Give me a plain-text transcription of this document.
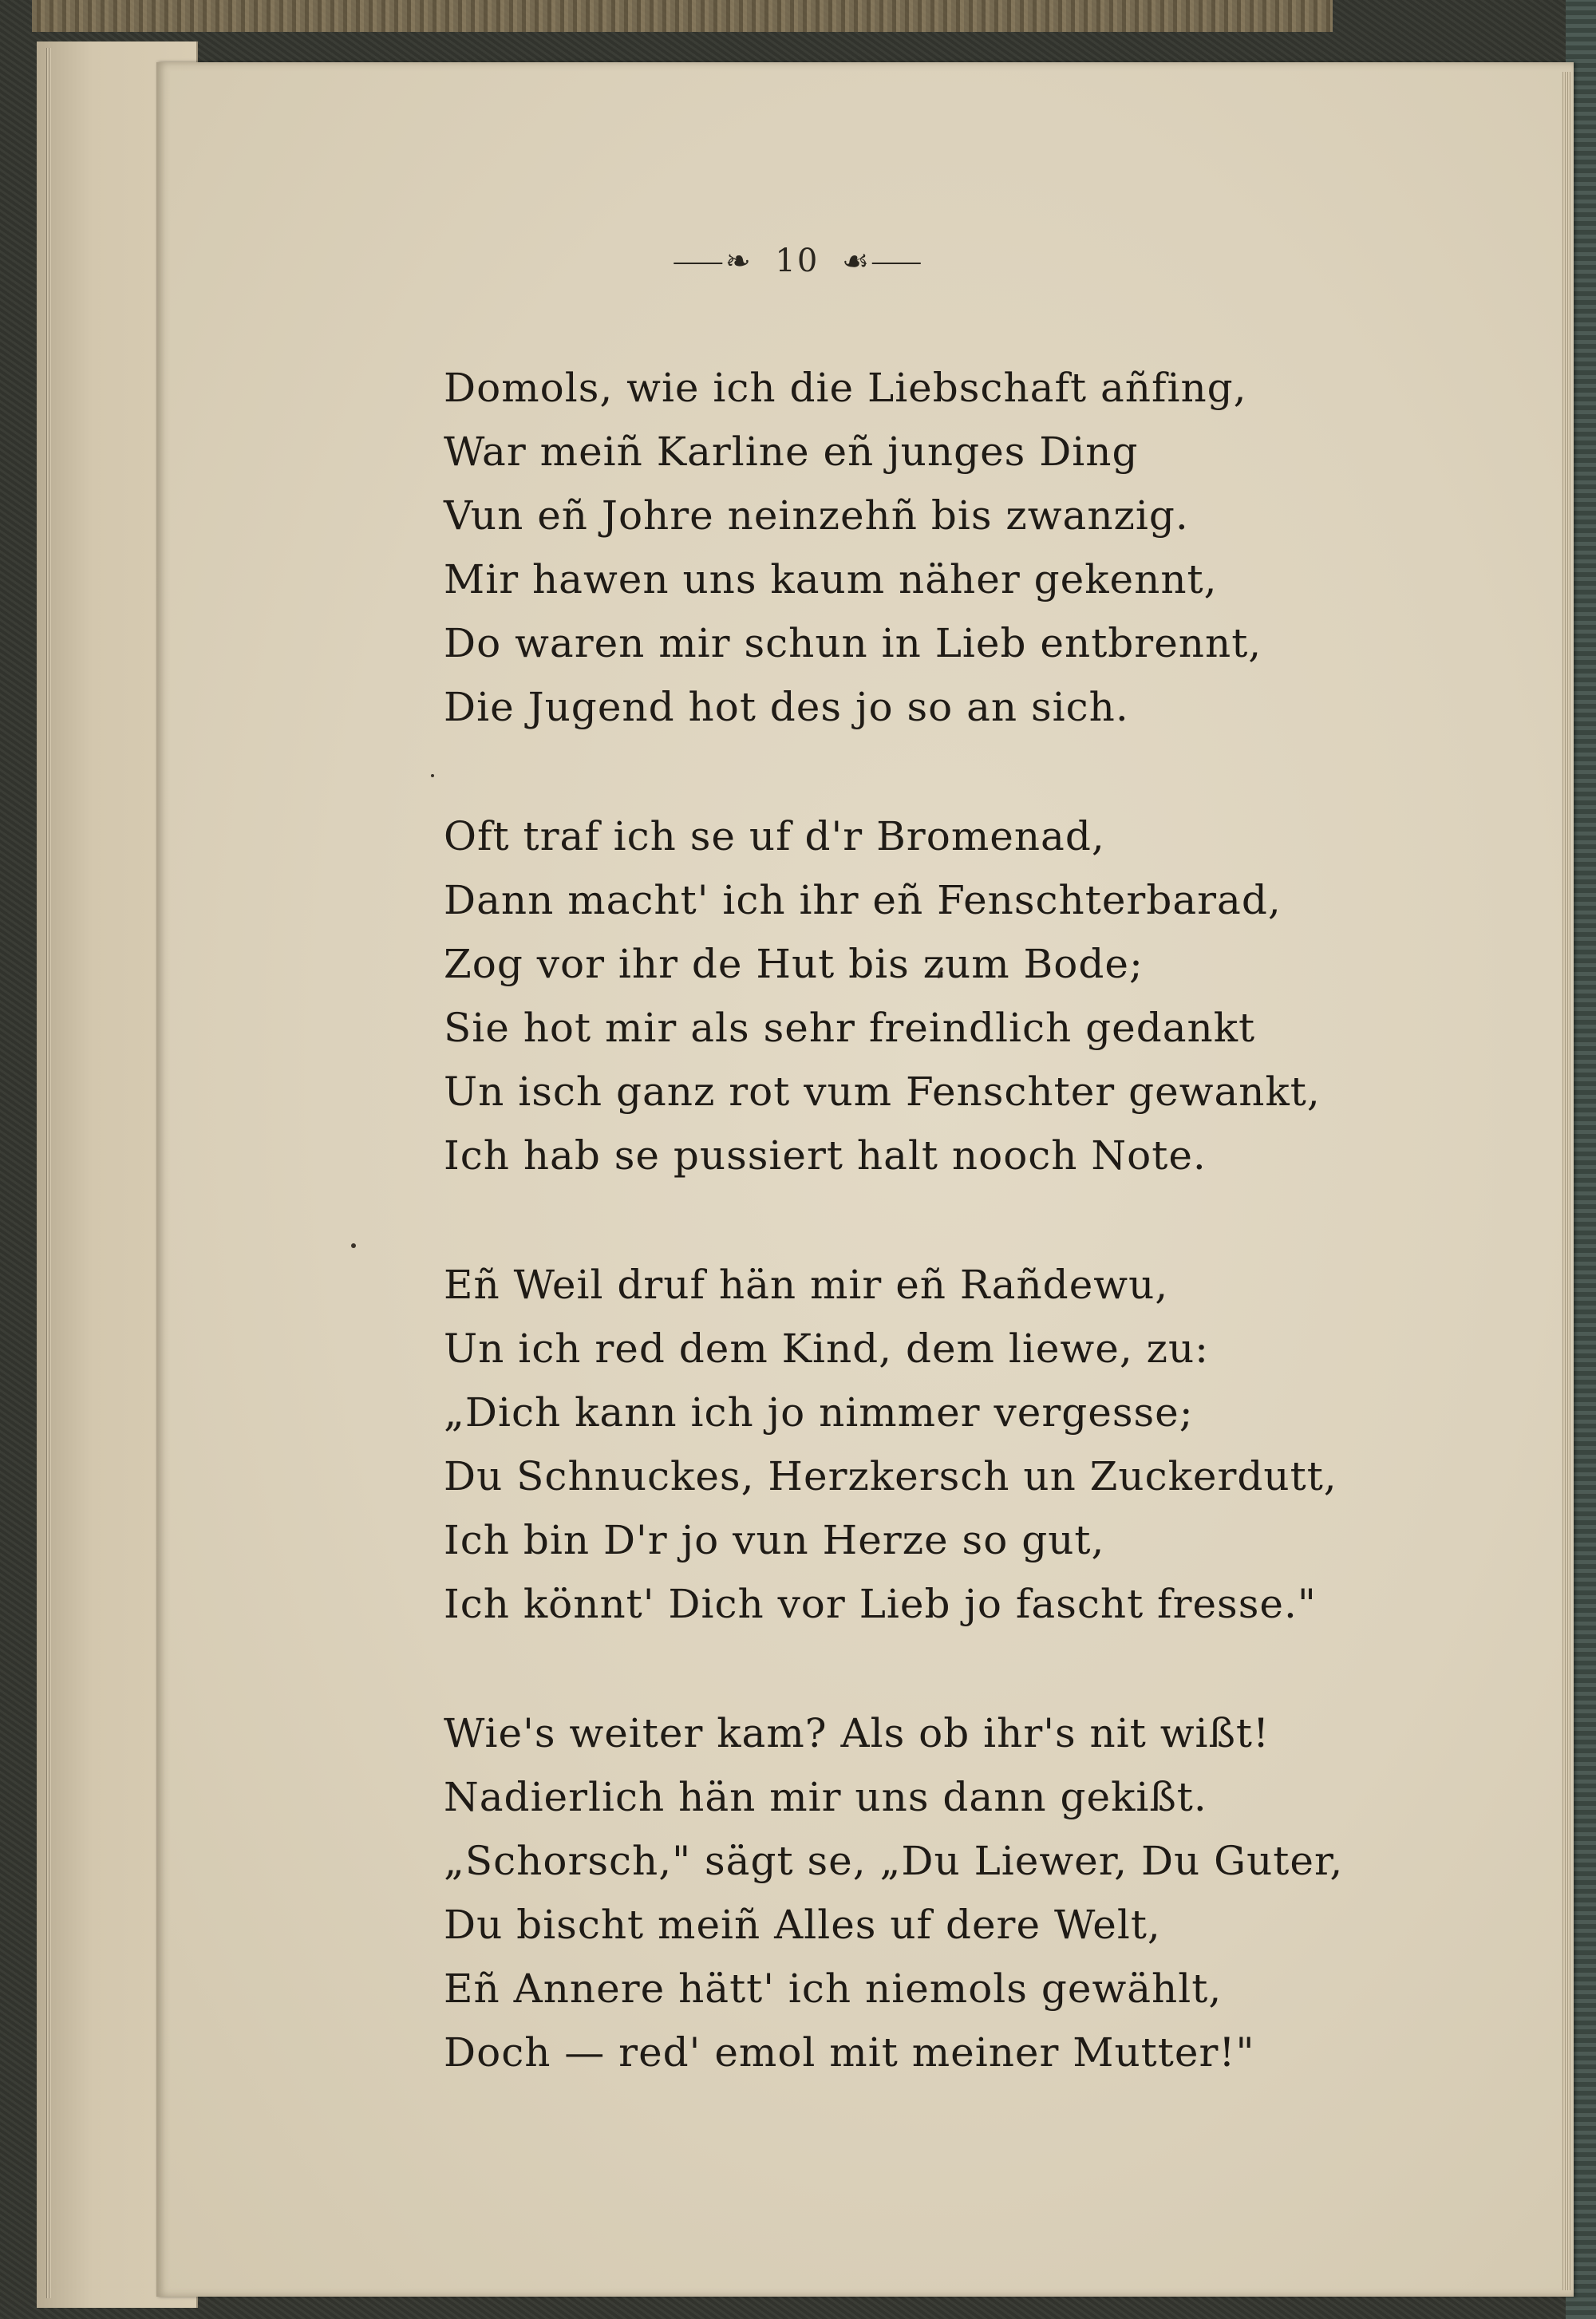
⸺❧ 10 ☙⸺
Domols, wie ich die Liebschaft añfing,
War meiñ Karline eñ junges Ding
Vun eñ Johre neinzehñ bis zwanzig.
Mir hawen uns kaum näher gekennt,
Do waren mir schun in Lieb entbrennt,
Die Jugend hot des jo so an sich.
Oft traf ich se uf d'r Bromenad,
Dann macht' ich ihr eñ Fenschterbarad,
Zog vor ihr de Hut bis zum Bode;
Sie hot mir als sehr freindlich gedankt
Un isch ganz rot vum Fenschter gewankt,
Ich hab se pussiert halt nooch Note.
Eñ Weil druf hän mir eñ Rañdewu,
Un ich red dem Kind, dem liewe, zu:
„Dich kann ich jo nimmer vergesse;
Du Schnuckes, Herzkersch un Zuckerdutt,
Ich bin D'r jo vun Herze so gut,
Ich könnt' Dich vor Lieb jo fascht fresse."
Wie's weiter kam? Als ob ihr's nit wißt!
Nadierlich hän mir uns dann gekißt.
„Schorsch," sägt se, „Du Liewer, Du Guter,
Du bischt meiñ Alles uf dere Welt,
Eñ Annere hätt' ich niemols gewählt,
Doch — red' emol mit meiner Mutter!"
